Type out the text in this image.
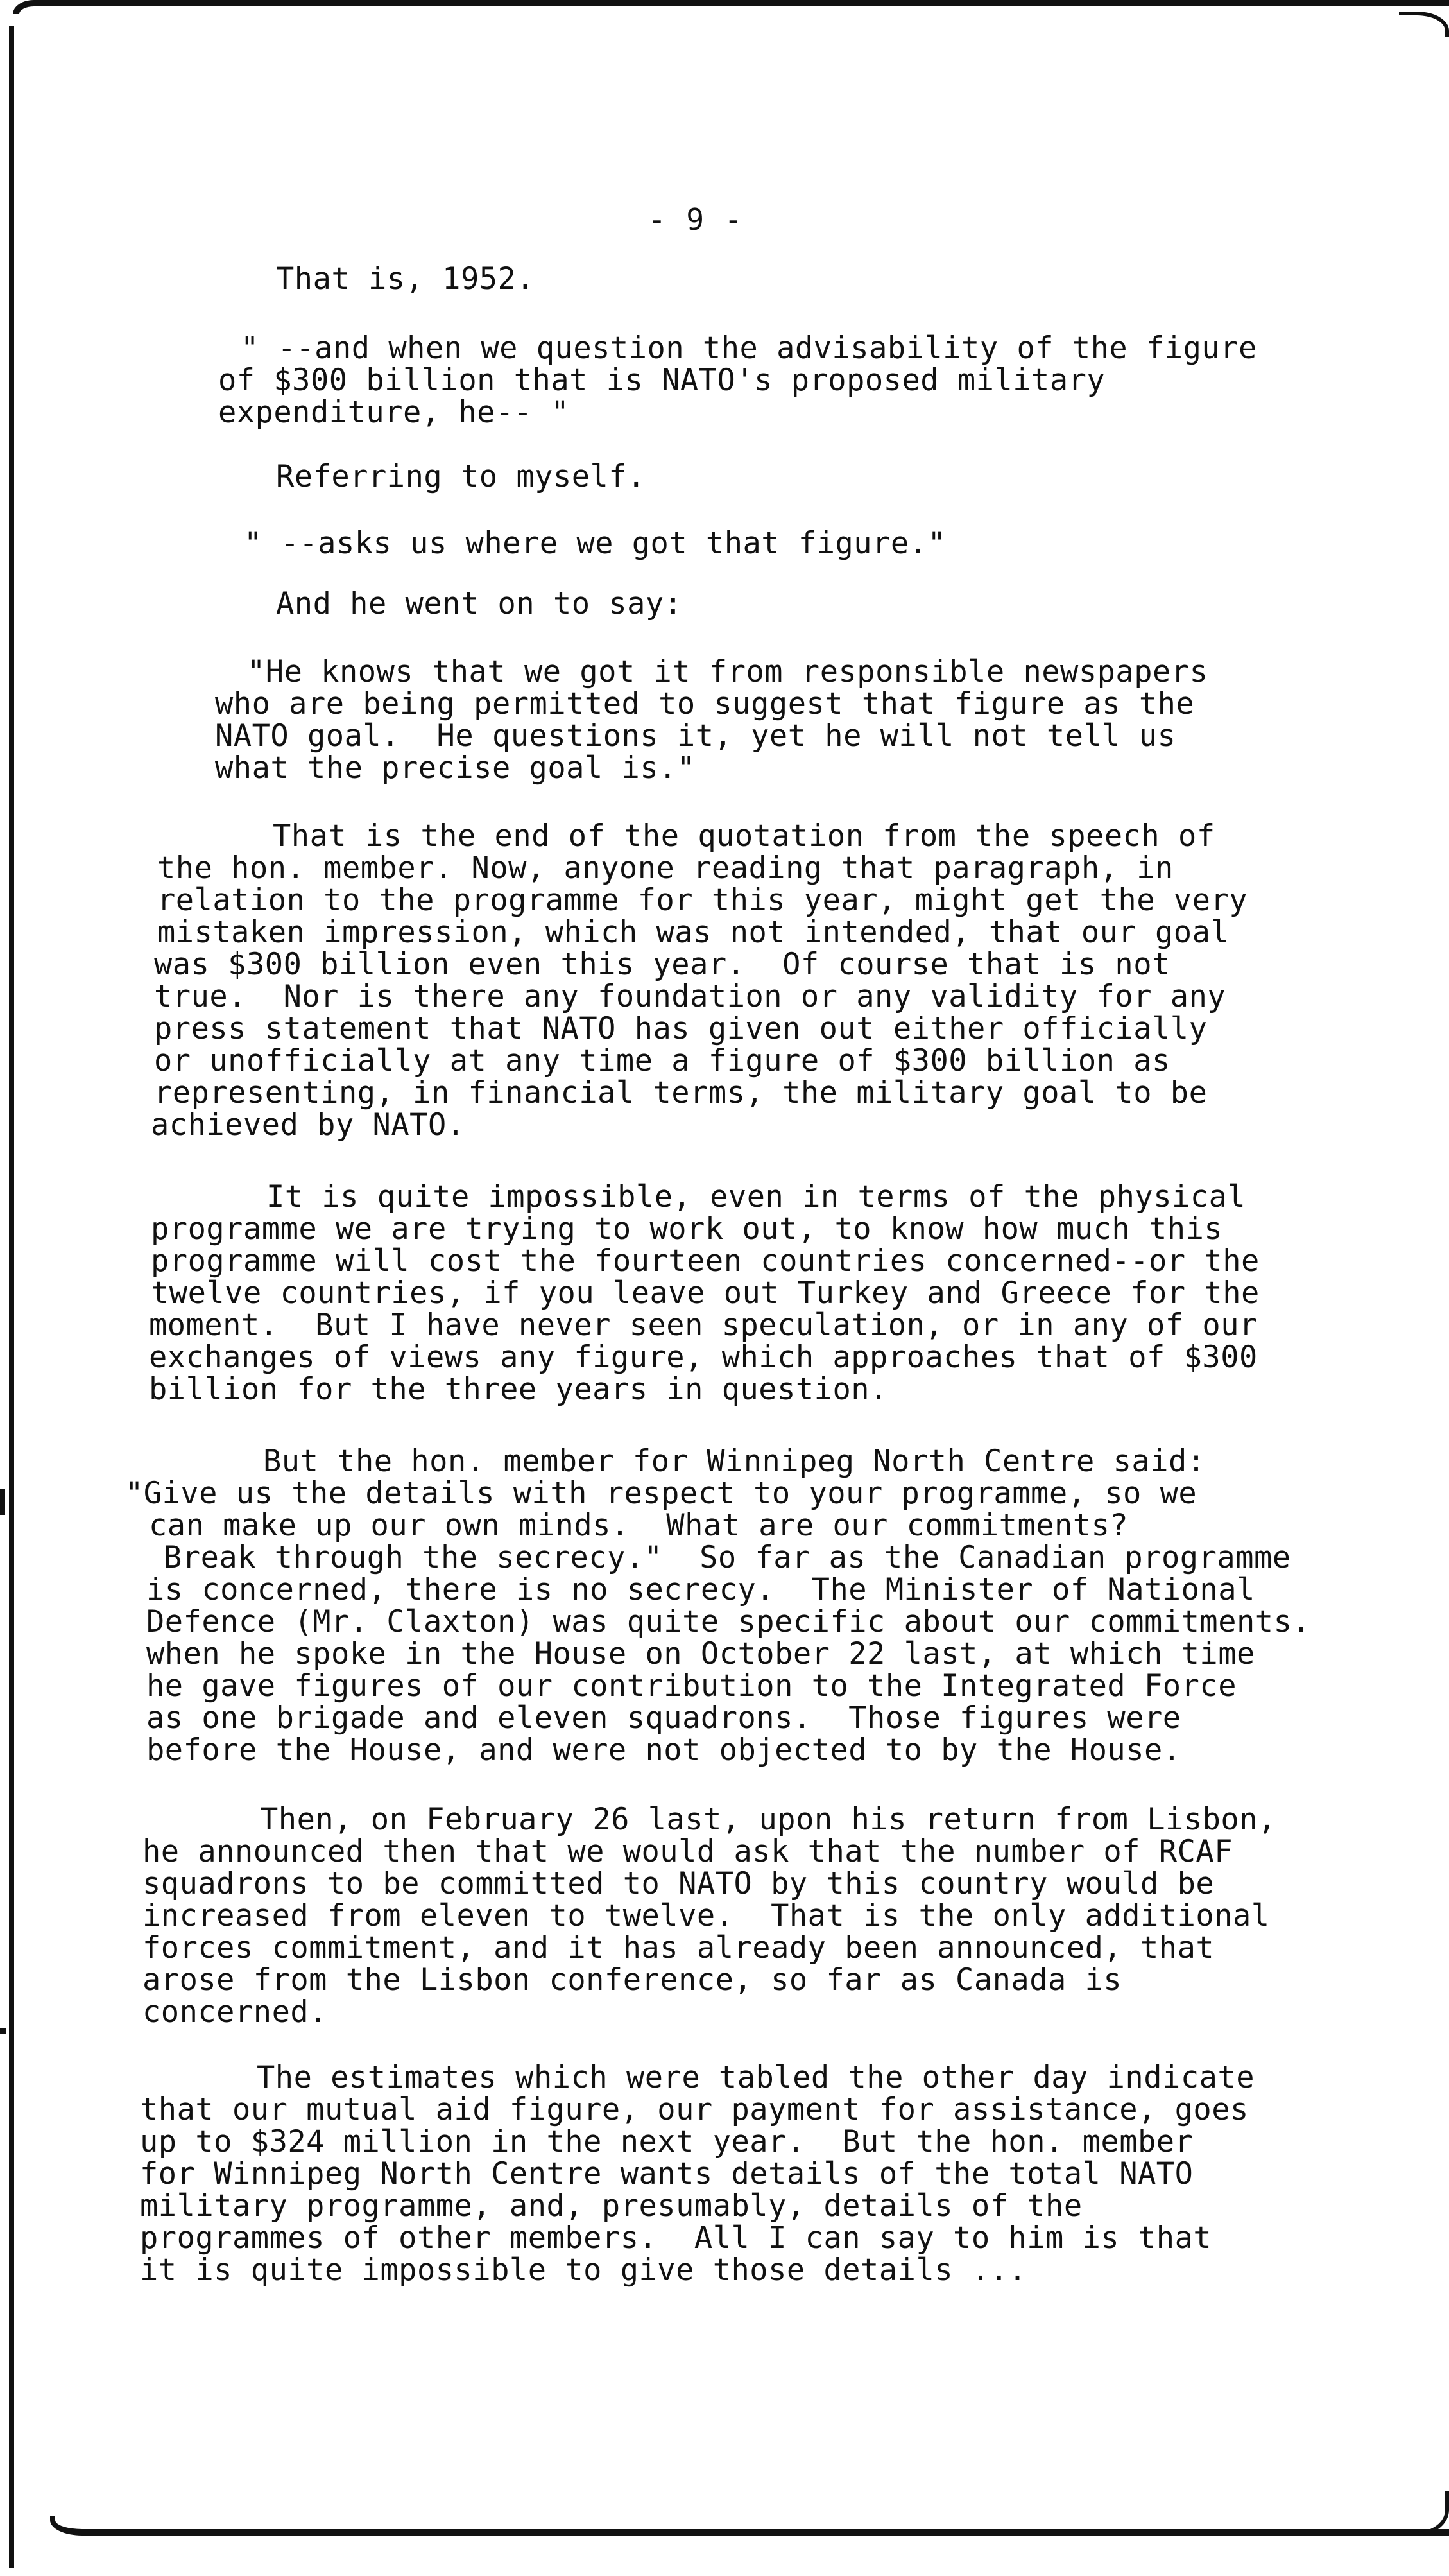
- 9 -
That is, 1952.
" --and when we question the advisability of the figure
of $300 billion that is NATO's proposed military
expenditure, he-- "
Referring to myself.
" --asks us where we got that figure."
And he went on to say:
"He knows that we got it from responsible newspapers
who are being permitted to suggest that figure as the
NATO goal.  He questions it, yet he will not tell us
what the precise goal is."
That is the end of the quotation from the speech of
the hon. member. Now, anyone reading that paragraph, in
relation to the programme for this year, might get the very
mistaken impression, which was not intended, that our goal
was $300 billion even this year.  Of course that is not
true.  Nor is there any foundation or any validity for any
press statement that NATO has given out either officially
or unofficially at any time a figure of $300 billion as
representing, in financial terms, the military goal to be
achieved by NATO.
It is quite impossible, even in terms of the physical
programme we are trying to work out, to know how much this
programme will cost the fourteen countries concerned--or the
twelve countries, if you leave out Turkey and Greece for the
moment.  But I have never seen speculation, or in any of our
exchanges of views any figure, which approaches that of $300
billion for the three years in question.
But the hon. member for Winnipeg North Centre said:
"Give us the details with respect to your programme, so we
can make up our own minds.  What are our commitments?
Break through the secrecy."  So far as the Canadian programme
is concerned, there is no secrecy.  The Minister of National
Defence (Mr. Claxton) was quite specific about our commitments.
when he spoke in the House on October 22 last, at which time
he gave figures of our contribution to the Integrated Force
as one brigade and eleven squadrons.  Those figures were
before the House, and were not objected to by the House.
Then, on February 26 last, upon his return from Lisbon,
he announced then that we would ask that the number of RCAF
squadrons to be committed to NATO by this country would be
increased from eleven to twelve.  That is the only additional
forces commitment, and it has already been announced, that
arose from the Lisbon conference, so far as Canada is
concerned.
The estimates which were tabled the other day indicate
that our mutual aid figure, our payment for assistance, goes
up to $324 million in the next year.  But the hon. member
for Winnipeg North Centre wants details of the total NATO
military programme, and, presumably, details of the
programmes of other members.  All I can say to him is that
it is quite impossible to give those details ...
